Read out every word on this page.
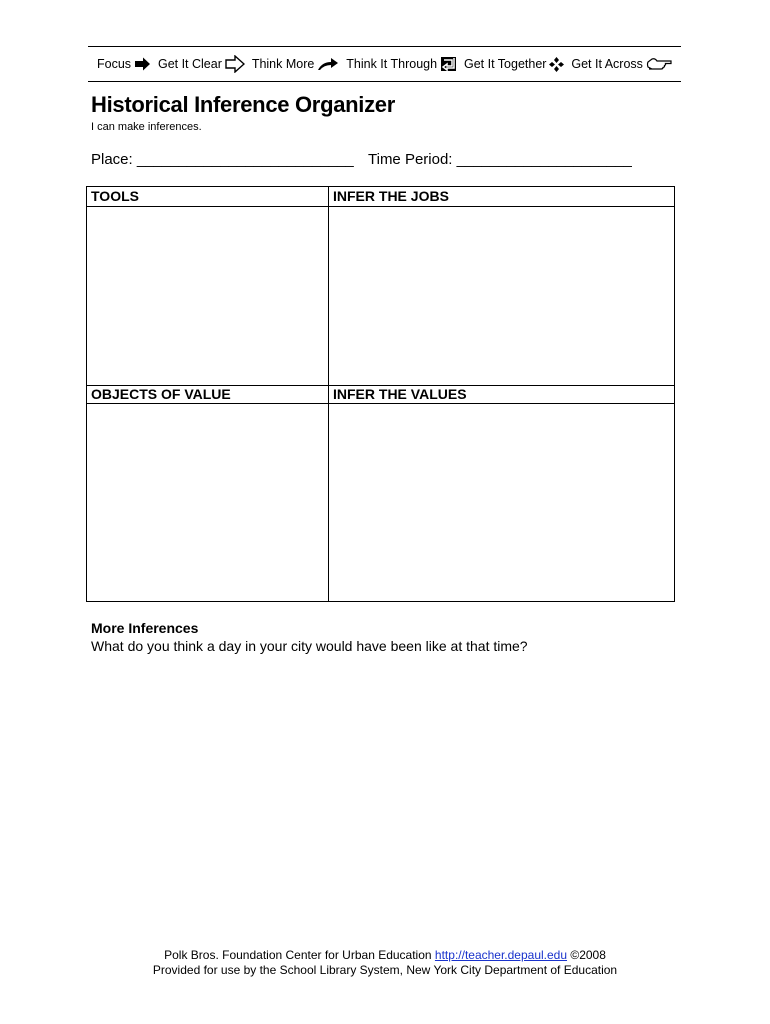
Focus Get It Clear Think More	Think It Through Get It Together Get It Across
Historical Inference Organizer
I can make inferences.
Place: __________________________ Time Period: _____________________
TOOLS	INFER THE JOBS
OBJECTS OF VALUE	INFER THE VALUES
More Inferences
What do you think a day in your city would have been like at that time?
Polk Bros. Foundation Center for Urban Education http://teacher.depaul.edu ©2008
Provided for use by the School Library System, New York City Department of Education
